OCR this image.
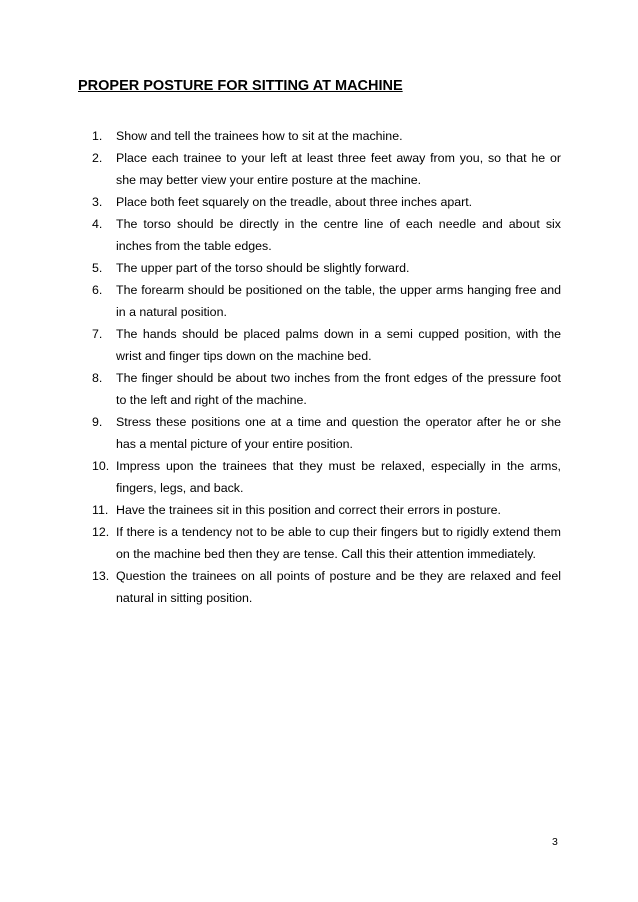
PROPER POSTURE FOR SITTING AT MACHINE
1.	Show and tell the trainees how to sit at the machine.
2.	Place each trainee to your left at least three feet away from you, so that he or she may better view your entire posture at the machine.
3.	Place both feet squarely on the treadle, about three inches apart.
4.	The torso should be directly in the centre line of each needle and about six inches from the table edges.
5.	The upper part of the torso should be slightly forward.
6.	The forearm should be positioned on the table, the upper arms hanging free and in a natural position.
7.	The hands should be placed palms down in a semi cupped position, with the wrist and finger tips down on the machine bed.
8.	The finger should be about two inches from the front edges of the pressure foot to the left and right of the machine.
9.	Stress these positions one at a time and question the operator after he or she has a mental picture of your entire position.
10. Impress upon the trainees that they must be relaxed, especially in the arms, fingers, legs, and back.
11. Have the trainees sit in this position and correct their errors in posture.
12. If there is a tendency not to be able to cup their fingers but to rigidly extend them on the machine bed then they are tense. Call this their attention immediately.
13. Question the trainees on all points of posture and be they are relaxed and feel natural in sitting position.
3
